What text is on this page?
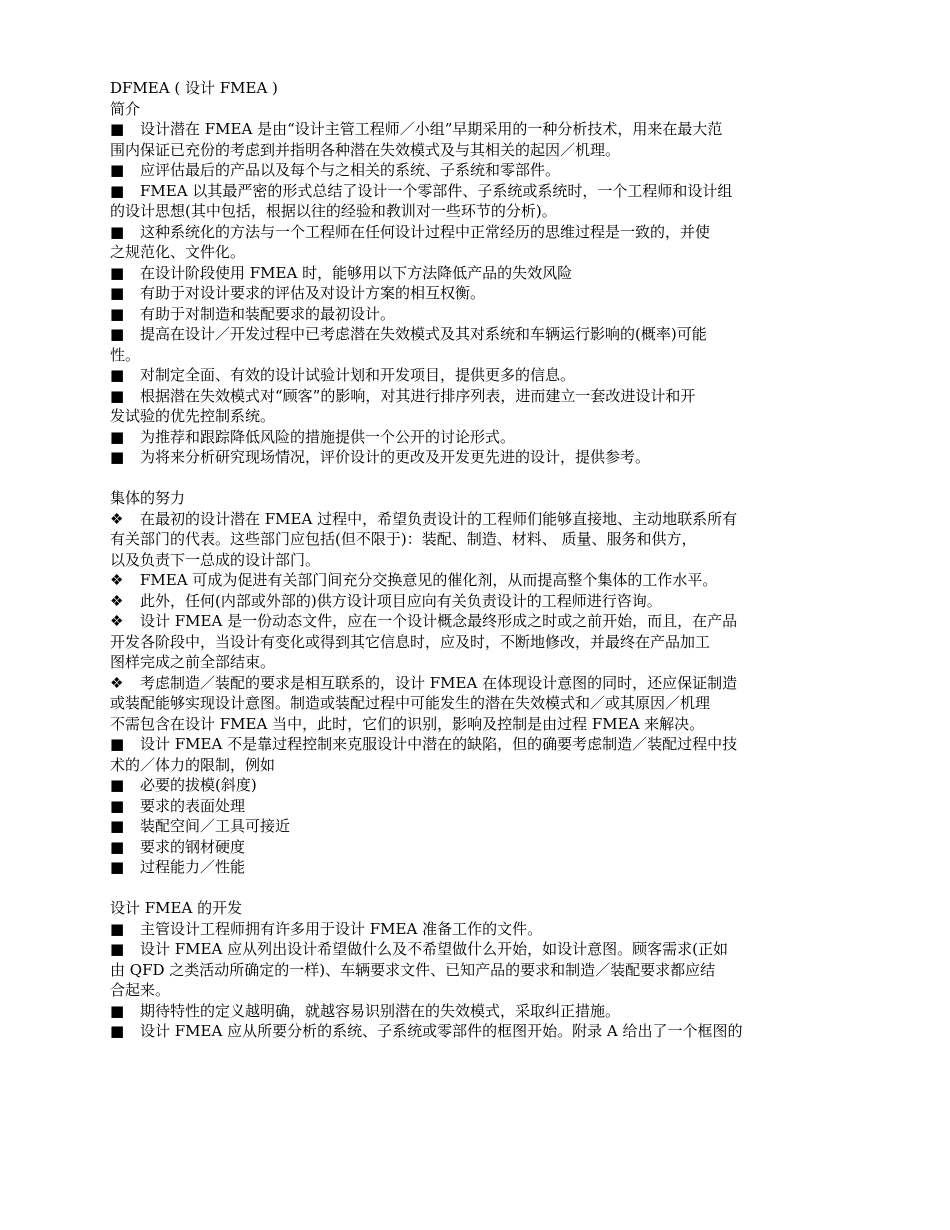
DFMEA ( 设计 FMEA )
简介
■ 设计潜在 FMEA 是由“设计主管工程师／小组”早期采用的一种分析技术，用来在最大范
围内保证已充份的考虑到并指明各种潜在失效模式及与其相关的起因／机理。
■ 应评估最后的产品以及每个与之相关的系统、子系统和零部件。
■ FMEA 以其最严密的形式总结了设计一个零部件、子系统或系统时，一个工程师和设计组
的设计思想(其中包括，根据以往的经验和教训对一些环节的分析)。
■ 这种系统化的方法与一个工程师在任何设计过程中正常经历的思维过程是一致的，并使
之规范化、文件化。
■ 在设计阶段使用 FMEA 时，能够用以下方法降低产品的失效风险
■ 有助于对设计要求的评估及对设计方案的相互权衡。
■ 有助于对制造和装配要求的最初设计。
■ 提高在设计／开发过程中已考虑潜在失效模式及其对系统和车辆运行影响的(概率)可能
性。
■ 对制定全面、有效的设计试验计划和开发项目，提供更多的信息。
■ 根据潜在失效模式对“顾客”的影响，对其进行排序列表，进而建立一套改进设计和开
发试验的优先控制系统。
■ 为推荐和跟踪降低风险的措施提供一个公开的讨论形式。
■ 为将来分析研究现场情况，评价设计的更改及开发更先进的设计，提供参考。
集体的努力
❖ 在最初的设计潜在 FMEA 过程中，希望负责设计的工程师们能够直接地、主动地联系所有
有关部门的代表。这些部门应包括(但不限于)：装配、制造、材料、 质量、服务和供方，
以及负责下一总成的设计部门。
❖ FMEA 可成为促进有关部门间充分交换意见的催化剂，从而提高整个集体的工作水平。
❖ 此外，任何(内部或外部的)供方设计项目应向有关负责设计的工程师进行咨询。
❖ 设计 FMEA 是一份动态文件，应在一个设计概念最终形成之时或之前开始，而且，在产品
开发各阶段中，当设计有变化或得到其它信息时，应及时，不断地修改，并最终在产品加工
图样完成之前全部结束。
❖ 考虑制造／装配的要求是相互联系的，设计 FMEA 在体现设计意图的同时，还应保证制造
或装配能够实现设计意图。制造或装配过程中可能发生的潜在失效模式和／或其原因／机理
不需包含在设计 FMEA 当中，此时，它们的识别，影响及控制是由过程 FMEA 来解决。
■ 设计 FMEA 不是靠过程控制来克服设计中潜在的缺陷，但的确要考虑制造／装配过程中技
术的／体力的限制，例如
■ 必要的拔模(斜度)
■ 要求的表面处理
■ 装配空间／工具可接近
■ 要求的钢材硬度
■ 过程能力／性能
设计 FMEA 的开发
■ 主管设计工程师拥有许多用于设计 FMEA 准备工作的文件。
■ 设计 FMEA 应从列出设计希望做什么及不希望做什么开始，如设计意图。顾客需求(正如
由 QFD 之类活动所确定的一样)、车辆要求文件、已知产品的要求和制造／装配要求都应结
合起来。
■ 期待特性的定义越明确，就越容易识别潜在的失效模式，采取纠正措施。
■ 设计 FMEA 应从所要分析的系统、子系统或零部件的框图开始。附录 A 给出了一个框图的
